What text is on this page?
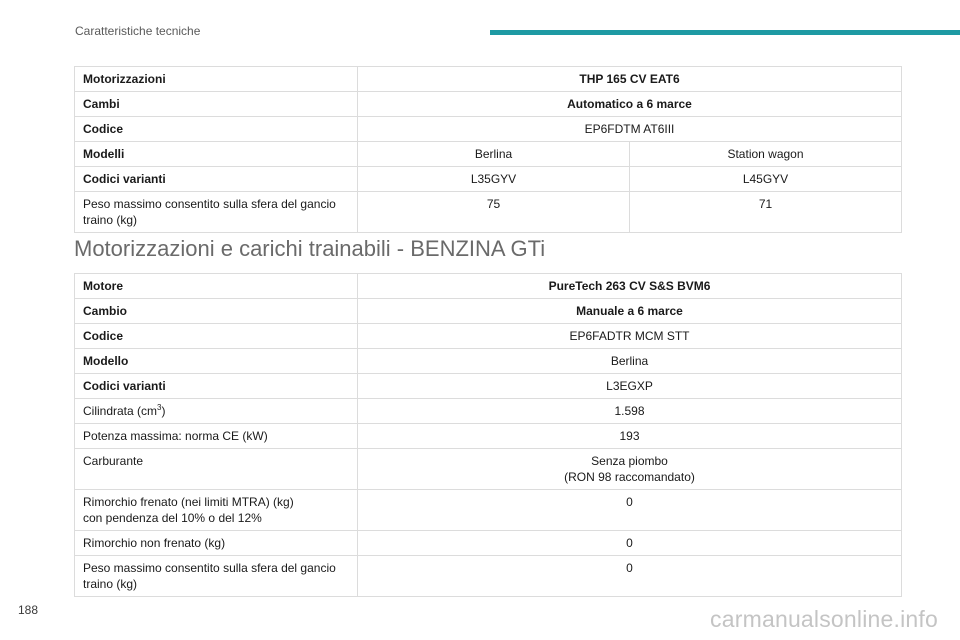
Caratteristiche tecniche
Motorizzazioni	THP 165 CV EAT6	
Cambi	Automatico a 6 marce	
Codice	EP6FDTM AT6III	
Modelli	Berlina	Station wagon
Codici varianti	L35GYV	L45GYV
Peso massimo consentito sulla sfera del gancio
traino (kg)	75	71
Motorizzazioni e carichi trainabili - BENZINA GTi
Motore	PureTech 263 CV S&S BVM6
Cambio	Manuale a 6 marce
Codice	EP6FADTR MCM STT
Modello	Berlina
Codici varianti	L3EGXP
Cilindrata $(cm^3)$	1.598
Potenza massima: norma CE (kW)	193
Carburante	Senza piombo
(RON 98 raccomandato)
Rimorchio frenato (nei limiti MTRA) (kg)
con pendenza del 10% o del 12%	0
Rimorchio non frenato (kg)	0
Peso massimo consentito sulla sfera del gancio
traino (kg)	0
188	carmanualsonline.info
